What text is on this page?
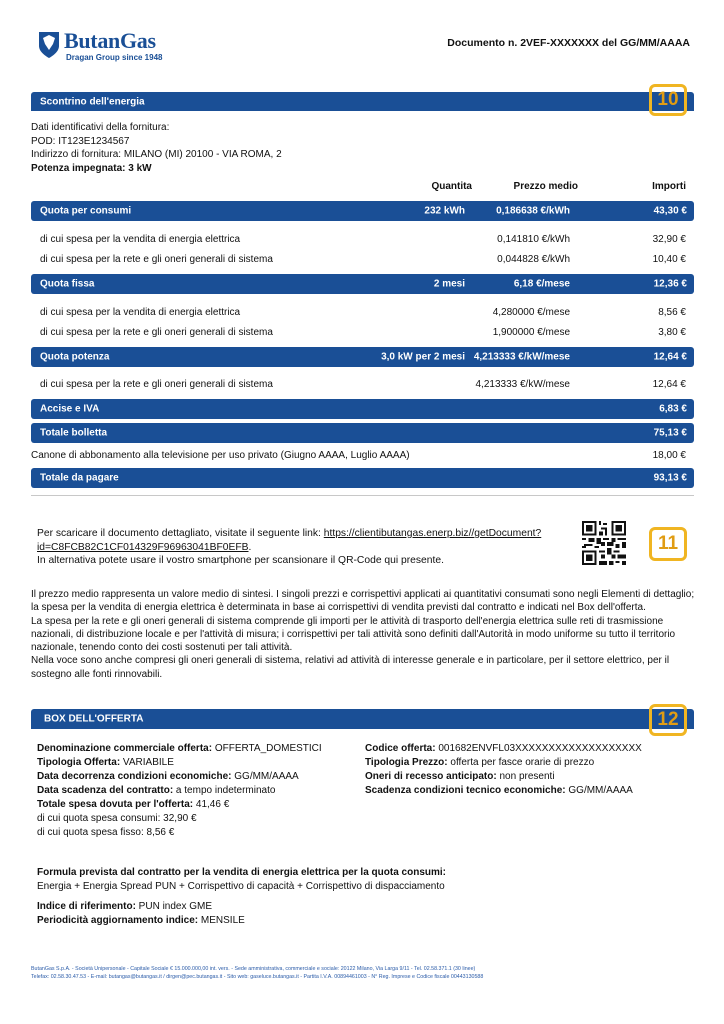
ButanGas
Dragan Group since 1948
Documento n. 2VEF-XXXXXXX del GG/MM/AAAA
Scontrino dell'energia	10
Dati identificativi della fornitura:
POD: IT123E1234567
Indirizzo di fornitura: MILANO (MI) 20100 - VIA ROMA, 2
Potenza impegnata: 3 kW
Quantita	Prezzo medio	Importi
Quota per consumi	232 kWh	0,186638 €/kWh	43,30 €
di cui spesa per la vendita di energia elettrica	0,141810 €/kWh	32,90 €
di cui spesa per la rete e gli oneri generali di sistema	0,044828 €/kWh	10,40 €
Quota fissa	2 mesi	6,18 €/mese	12,36 €
di cui spesa per la vendita di energia elettrica	4,280000 €/mese	8,56 €
di cui spesa per la rete e gli oneri generali di sistema	1,900000 €/mese	3,80 €
Quota potenza	3,0 kW per 2 mesi 4,213333 €/kW/mese	12,64 €
di cui spesa per la rete e gli oneri generali di sistema	4,213333 €/kW/mese	12,64 €
Accise e IVA	6,83 €
Totale bolletta	75,13 €
Canone di abbonamento alla televisione per uso privato (Giugno AAAA, Luglio AAAA)	18,00 €
Totale da pagare	93,13 €
Per scaricare il documento dettagliato, visitate il seguente link: https://clientibutangas.enerp.biz//getDocument?
id=C8FCB82C1CF014329F96963041BF0EFB.
In alternativa potete usare il vostro smartphone per scansionare il QR-Code qui presente.
11
Il prezzo medio rappresenta un valore medio di sintesi. I singoli prezzi e corrispettivi applicati ai quantitativi consumati sono negli Elementi di dettaglio;
la spesa per la vendita di energia elettrica è determinata in base ai corrispettivi di vendita previsti dal contratto e indicati nel Box dell'offerta.
La spesa per la rete e gli oneri generali di sistema comprende gli importi per le attività di trasporto dell'energia elettrica sulle reti di trasmissione nazionali, di distribuzione locale e per l'attività di misura; i corrispettivi per tali attività sono definiti dall'Autorità in modo uniforme su tutto il territorio nazionale, tenendo conto dei costi sostenuti per tali attività.
Nella voce sono anche compresi gli oneri generali di sistema, relativi ad attività di interesse generale e in particolare, per il settore elettrico, per il sostegno alle fonti rinnovabili.
BOX DELL'OFFERTA	12
Denominazione commerciale offerta: OFFERTA_DOMESTICI
Tipologia Offerta: VARIABILE
Data decorrenza condizioni economiche: GG/MM/AAAA
Data scadenza del contratto: a tempo indeterminato
Totale spesa dovuta per l'offerta: 41,46 €
di cui quota spesa consumi: 32,90 €
di cui quota spesa fisso: 8,56 €
Codice offerta: 001682ENVFL03XXXXXXXXXXXXXXXXXXX
Tipologia Prezzo: offerta per fasce orarie di prezzo
Oneri di recesso anticipato: non presenti
Scadenza condizioni tecnico economiche: GG/MM/AAAA
Formula prevista dal contratto per la vendita di energia elettrica per la quota consumi:
Energia + Energia Spread PUN + Corrispettivo di capacità + Corrispettivo di dispacciamento
Indice di riferimento: PUN index GME
Periodicità aggiornamento indice: MENSILE
ButanGas S.p.A. - Società Unipersonale - Capitale Sociale € 15.000.000,00 int. vers. - Sede amministrativa, commerciale e sociale: 20122 Milano, Via Larga 9/11 - Tel. 02.58.371.1 (30 linee)
Telefax: 02.58.30.47.53 - E-mail: butangas@butangas.it / dirgen@pec.butangas.it - Sito web: gaseluce.butangas.it - Partita I.V.A. 00894461003 - N° Reg. Imprese e Codice fiscale 00443130588
